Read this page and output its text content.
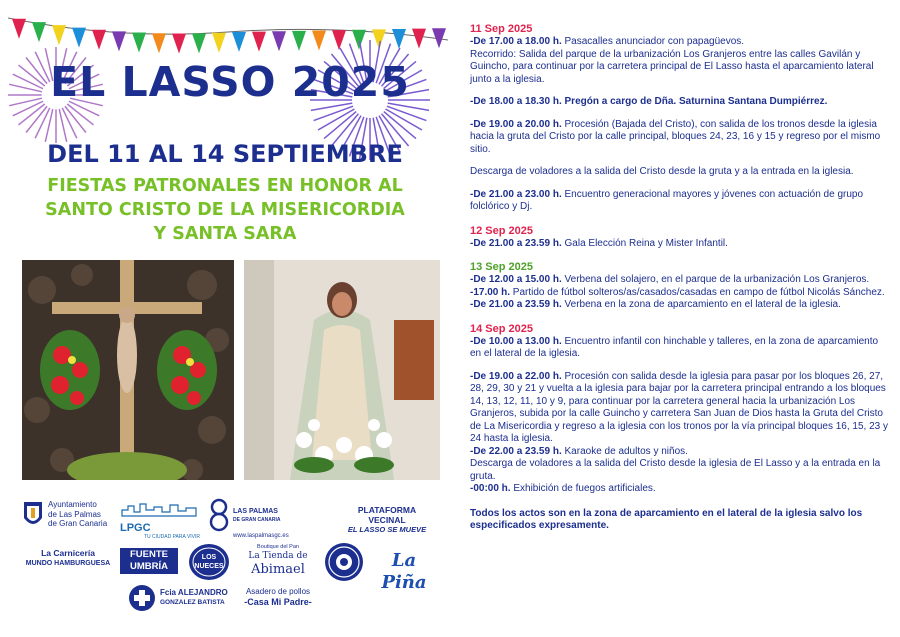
EL LASSO 2025
DEL 11 AL 14 SEPTIEMBRE
FIESTAS PATRONALES EN HONOR AL
SANTO CRISTO DE LA MISERICORDIA
Y SANTA SARA
Ayuntamiento
de Las Palmas
de Gran Canaria	LPGC
TU CIUDAD PARA VIVIR
LAS PALMAS
DE GRAN CANARIA
www.laspalmasgc.es
PLATAFORMA
VECINAL
EL LASSO SE MUEVE
La Carnicería
MUNDO HAMBURGUESA
FUENTE
UMBRÍA
LOS
NUECES
Boutique del Pan
La Tienda de
Abimael	La Piña
Fcia ALEJANDRO
GONZALEZ BATISTA
Asadero de pollos
-Casa Mi Padre-
11 Sep 2025

-De 17.00 a 18.00 h. Pasacalles anunciador con papagüevos.

Recorrido: Salida del parque de la urbanización Los Granjeros entre las calles Gavilán y Guincho, para continuar por la carretera principal de El Lasso hasta el aparcamiento lateral junto a la iglesia.

-De 18.00 a 18.30 h. Pregón a cargo de Dña. Saturnina Santana Dumpiérrez.

-De 19.00 a 20.00 h. Procesión (Bajada del Cristo), con salida de los tronos desde la iglesia hacia la gruta del Cristo por la calle principal, bloques 24, 23, 16 y 15 y regreso por el mismo sitio.

Descarga de voladores a la salida del Cristo desde la gruta y a la entrada en la iglesia.

-De 21.00 a 23.00 h. Encuentro generacional mayores y jóvenes con actuación de grupo folclórico y Dj.

12 Sep 2025

-De 21.00 a 23.59 h. Gala Elección Reina y Mister Infantil.

13 Sep 2025

-De 12.00 a 15.00 h. Verbena del solajero, en el parque de la urbanización Los Granjeros.

-17.00 h. Partido de fútbol solteros/as/casados/casadas en campo de fútbol Nicolás Sánchez.

-De 21.00 a 23.59 h. Verbena en la zona de aparcamiento en el lateral de la iglesia.

14 Sep 2025

-De 10.00 a 13.00 h. Encuentro infantil con hinchable y talleres, en la zona de aparcamiento en el lateral de la iglesia.

-De 19.00 a 22.00 h. Procesión con salida desde la iglesia para pasar por los bloques 26, 27, 28, 29, 30 y 21 y vuelta a la iglesia para bajar por la carretera principal entrando a los bloques 14, 13, 12, 11, 10 y 9, para continuar por la carretera general hacia la urbanización Los Granjeros, subida por la calle Guincho y carretera San Juan de Dios hasta la Gruta del Cristo de La Misericordia y regreso a la iglesia con los tronos por la vía principal bloques 16, 15, 23 y 24 hasta la iglesia.

-De 22.00 a 23.59 h. Karaoke de adultos y niños.

Descarga de voladores a la salida del Cristo desde la iglesia de El Lasso y a la entrada en la gruta.

-00:00 h. Exhibición de fuegos artificiales.

Todos los actos son en la zona de aparcamiento en el lateral de la iglesia salvo los especificados expresamente.
